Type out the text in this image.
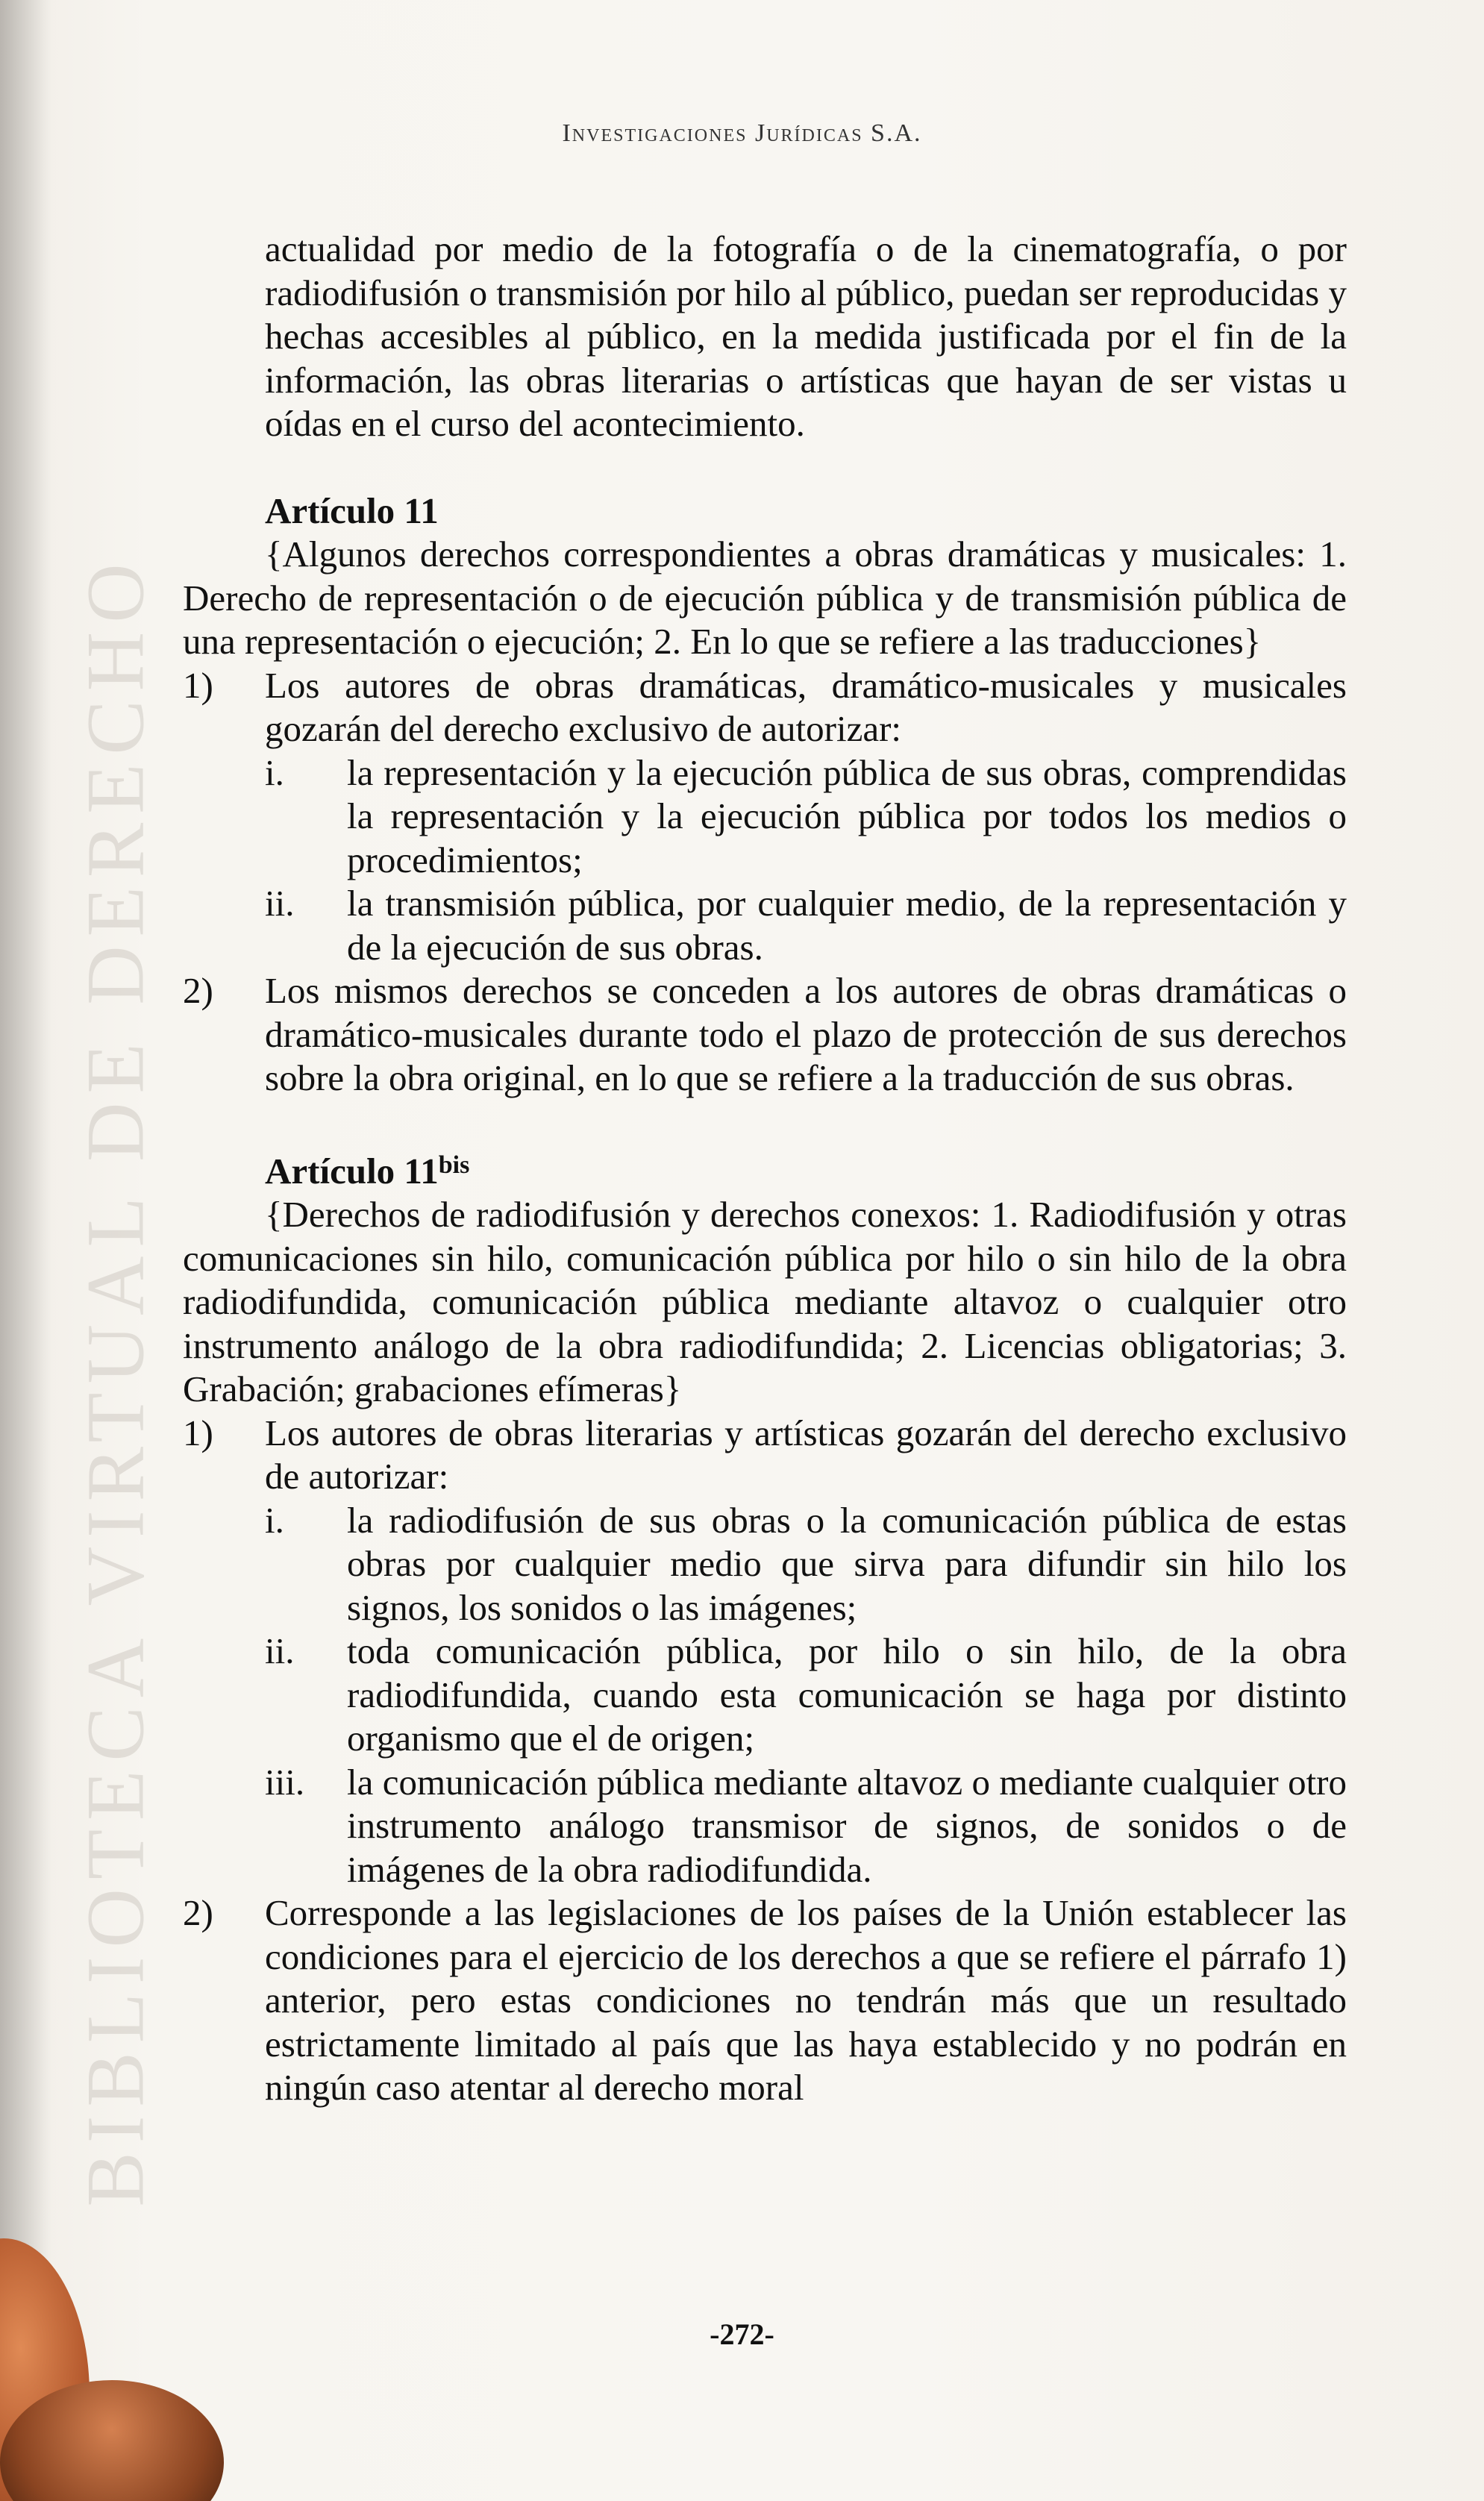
BIBLIOTECA VIRTUAL DE DERECHO
Investigaciones Jurídicas S.A.

actualidad por medio de la fotografía o de la cinematografía, o por radiodifusión o transmisión por hilo al público, puedan ser reproducidas y hechas accesibles al público, en la medida justificada por el fin de la información, las obras literarias o artísticas que hayan de ser vistas u oídas en el curso del acontecimiento.

Artículo 11

{Algunos derechos correspondientes a obras dramáticas y musicales: 1. Derecho de representación o de ejecución pública y de transmisión pública de una representación o ejecución; 2. En lo que se refiere a las traducciones}

1)	Los autores de obras dramáticas, dramático-musicales y musicales gozarán del derecho exclusivo de autorizar:
i.	la representación y la ejecución pública de sus obras, comprendidas la representación y la ejecución pública por todos los medios o procedimientos;
ii.	la transmisión pública, por cualquier medio, de la representación y de la ejecución de sus obras.
2)	Los mismos derechos se conceden a los autores de obras dramáticas o dramático-musicales durante todo el plazo de protección de sus derechos sobre la obra original, en lo que se refiere a la traducción de sus obras.

Artículo $11^{bis}$

{Derechos de radiodifusión y derechos conexos: 1. Radiodifusión y otras comunicaciones sin hilo, comunicación pública por hilo o sin hilo de la obra radiodifundida, comunicación pública mediante altavoz o cualquier otro instrumento análogo de la obra radiodifundida; 2. Licencias obligatorias; 3. Grabación; grabaciones efímeras}

1)	Los autores de obras literarias y artísticas gozarán del derecho exclusivo de autorizar:
i.	la radiodifusión de sus obras o la comunicación pública de estas obras por cualquier medio que sirva para difundir sin hilo los signos, los sonidos o las imágenes;
ii.	toda comunicación pública, por hilo o sin hilo, de la obra radiodifundida, cuando esta comunicación se haga por distinto organismo que el de origen;
iii.	la comunicación pública mediante altavoz o mediante cualquier otro instrumento análogo transmisor de signos, de sonidos o de imágenes de la obra radiodifundida.
2)	Corresponde a las legislaciones de los países de la Unión establecer las condiciones para el ejercicio de los derechos a que se refiere el párrafo 1) anterior, pero estas condiciones no tendrán más que un resultado estrictamente limitado al país que las haya establecido y no podrán en ningún caso atentar al derecho moral
-272-
